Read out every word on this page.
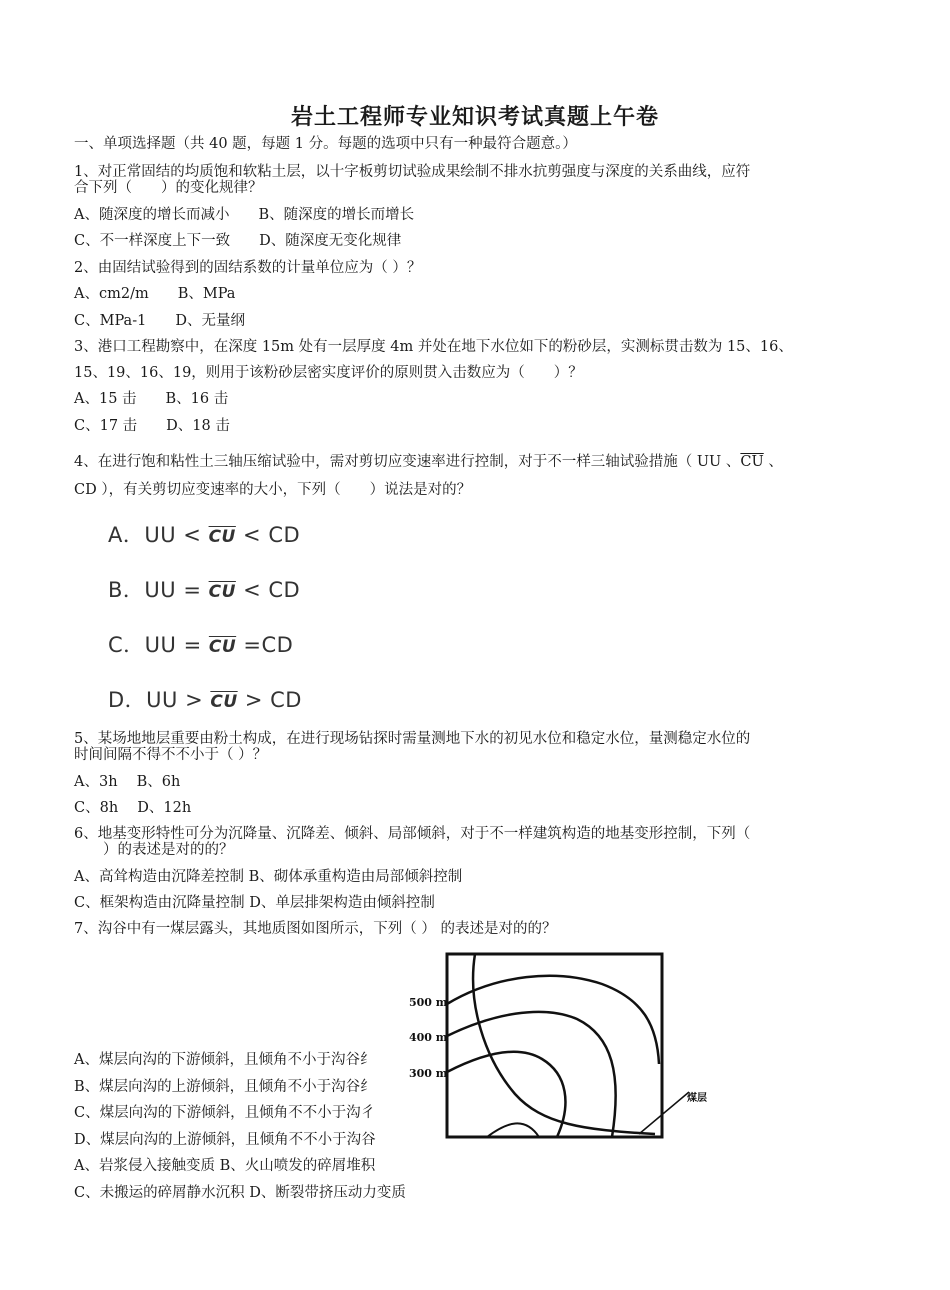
岩土工程师专业知识考试真题上午卷
一、单项选择题（共 40 题，每题 1 分。每题的选项中只有一种最符合题意。）
1、对正常固结的均质饱和软粘土层，以十字板剪切试验成果绘制不排水抗剪强度与深度的关系曲线，应符
合下列（　　）的变化规律？
A、随深度的增长而减小　　B、随深度的增长而增长
C、不一样深度上下一致　　D、随深度无变化规律
2、由固结试验得到的固结系数的计量单位应为（ ）？
A、cm2/m　　B、MPa
C、MPa-1　　D、无量纲
3、港口工程勘察中，在深度 15m 处有一层厚度 4m 并处在地下水位如下的粉砂层，实测标贯击数为 15、16、
15、19、16、19，则用于该粉砂层密实度评价的原则贯入击数应为（　　）？
A、15 击　　B、16 击
C、17 击　　D、18 击
4、在进行饱和粘性土三轴压缩试验中，需对剪切应变速率进行控制，对于不一样三轴试验措施（ UU 、$\overline{CU}$ 、
CD ），有关剪切应变速率的大小，下列（　　）说法是对的？
A．UU < $\overline{CU}$ < CD
B．UU = $\overline{CU}$ < CD
C．UU = $\overline{CU} =CD$
D．UU > $\overline{CU}$ > CD
5、某场地地层重要由粉土构成，在进行现场钻探时需量测地下水的初见水位和稳定水位，量测稳定水位的
时间间隔不得不不小于（ ）？
A、3h　 B、6h
C、8h　 D、12h
6、地基变形特性可分为沉降量、沉降差、倾斜、局部倾斜，对于不一样建筑构造的地基变形控制，下列（
　　）的表述是对的的？
A、高耸构造由沉降差控制 B、砌体承重构造由局部倾斜控制
C、框架构造由沉降量控制 D、单层排架构造由倾斜控制
7、沟谷中有一煤层露头，其地质图如图所示，下列（ ） 的表述是对的的？
A、煤层向沟的下游倾斜，且倾角不小于沟谷纟
B、煤层向沟的上游倾斜，且倾角不小于沟谷纟
C、煤层向沟的下游倾斜，且倾角不不小于沟彳
D、煤层向沟的上游倾斜，且倾角不不小于沟谷
500 m
400 m
300 m
煤层
A、岩浆侵入接触变质 B、火山喷发的碎屑堆积
C、未搬运的碎屑静水沉积 D、断裂带挤压动力变质
